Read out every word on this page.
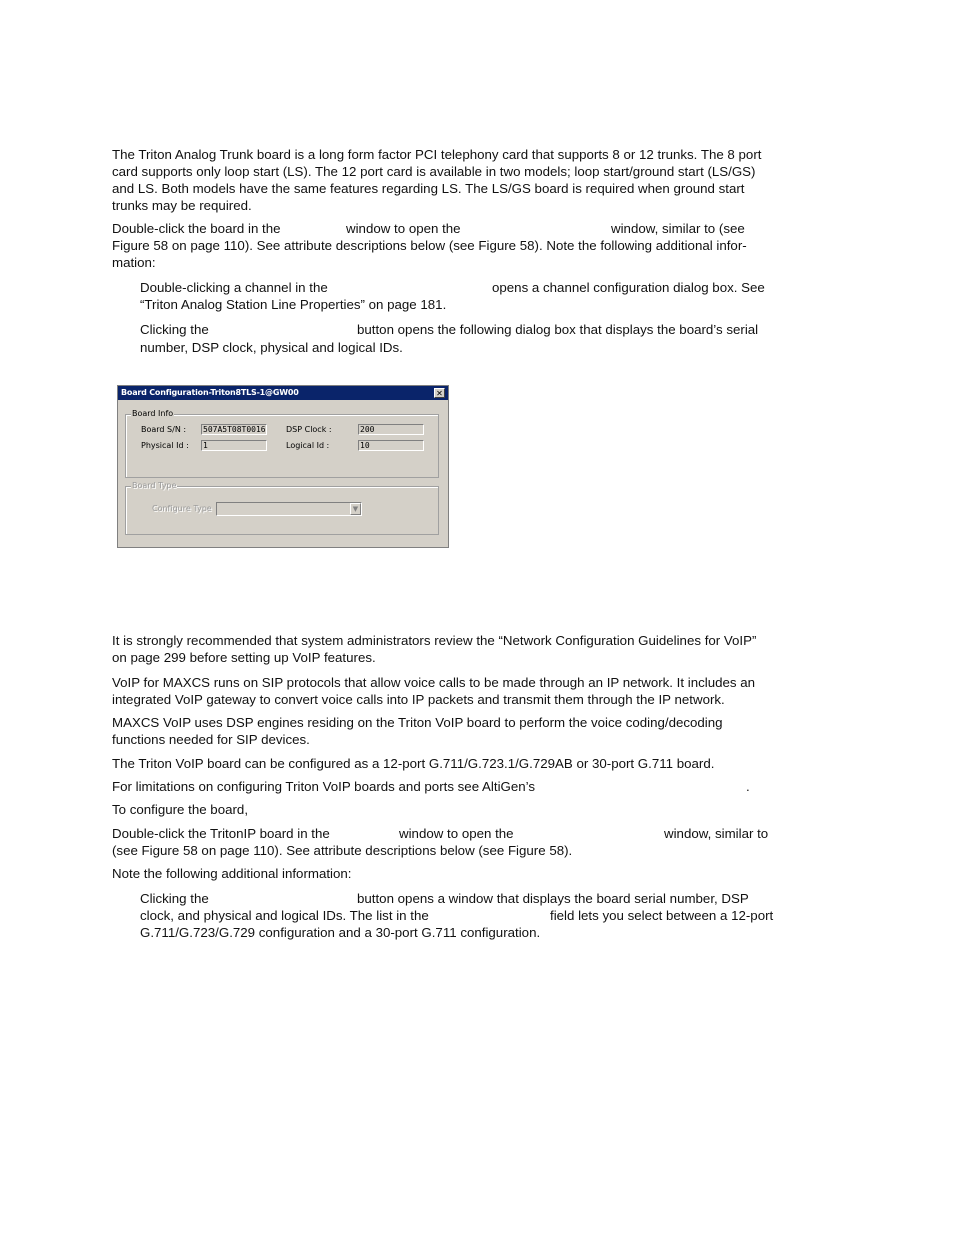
The Triton Analog Trunk board is a long form factor PCI telephony card that supports 8 or 12 trunks. The 8 port
card supports only loop start (LS). The 12 port card is available in two models; loop start/ground start (LS/GS)
and LS. Both models have the same features regarding LS. The LS/GS board is required when ground start
trunks may be required.
Double-click the board in the	window to open the	window, similar to (see
Figure 58 on page 110). See attribute descriptions below (see Figure 58). Note the following additional infor-
mation:
Double-clicking a channel in the	opens a channel configuration dialog box. See
“Triton Analog Station Line Properties” on page 181.
Clicking the	button opens the following dialog box that displays the board’s serial
number, DSP clock, physical and logical IDs.
Board Configuration-Triton8TLS-1@GW00	✕
Board Info
Board S/N : 507A5T08T0016	DSP Clock :	200
Physical Id : 1	Logical Id :	10
Board Type
Configure Type	▼
It is strongly recommended that system administrators review the “Network Configuration Guidelines for VoIP”
on page 299 before setting up VoIP features.
VoIP for MAXCS runs on SIP protocols that allow voice calls to be made through an IP network. It includes an
integrated VoIP gateway to convert voice calls into IP packets and transmit them through the IP network.
MAXCS VoIP uses DSP engines residing on the Triton VoIP board to perform the voice coding/decoding
functions needed for SIP devices.
The Triton VoIP board can be configured as a 12-port G.711/G.723.1/G.729AB or 30-port G.711 board.
For limitations on configuring Triton VoIP boards and ports see AltiGen’s	.
To configure the board,
Double-click the TritonIP board in the	window to open the	window, similar to
(see Figure 58 on page 110). See attribute descriptions below (see Figure 58).
Note the following additional information:
Clicking the	button opens a window that displays the board serial number, DSP
clock, and physical and logical IDs. The list in the	field lets you select between a 12-port
G.711/G.723/G.729 configuration and a 30-port G.711 configuration.
